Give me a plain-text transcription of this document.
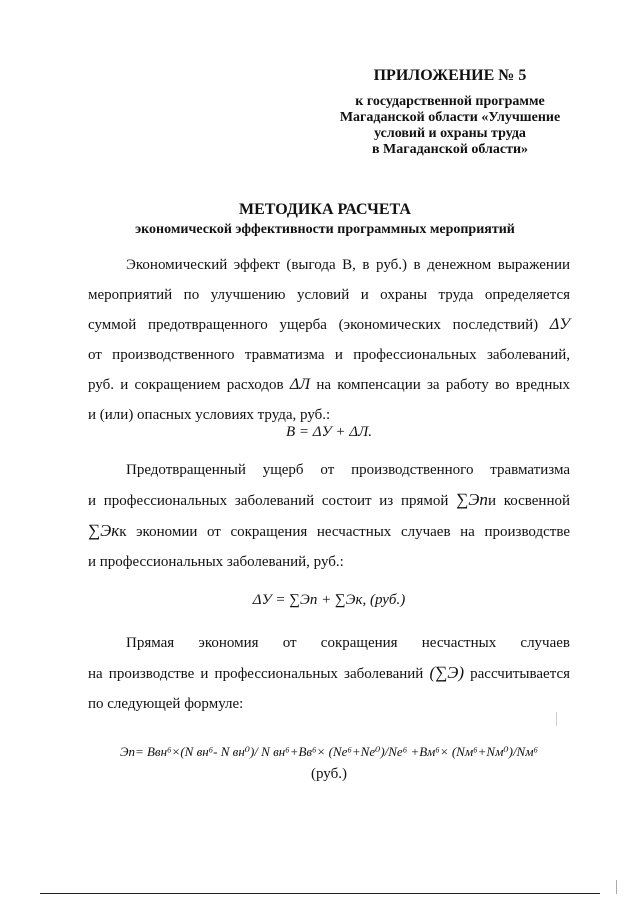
ПРИЛОЖЕНИЕ № 5
к государственной программе
Магаданской области «Улучшение
условий и охраны труда
в Магаданской области»
МЕТОДИКА РАСЧЕТА
экономической эффективности программных мероприятий
Экономический эффект (выгода В, в руб.) в денежном выражении
мероприятий по улучшению условий и охраны труда определяется
суммой предотвращенного ущерба (экономических последствий) ΔУ
от производственного травматизма и профессиональных заболеваний,
руб. и сокращением расходов ΔЛ на компенсации за работу во вредных
и (или) опасных условиях труда, руб.:
В = ΔУ + ΔЛ.
Предотвращенный ущерб от производственного травматизма
и профессиональных заболеваний состоит из прямой ∑Эпи косвенной
∑Экк экономии от сокращения несчастных случаев на производстве
и профессиональных заболеваний, руб.:
ΔУ = ∑Эп + ∑Эк, (руб.)
Прямая экономия от сокращения несчастных случаев
на производстве и профессиональных заболеваний (∑Э) рассчитывается
по следующей формуле:
Эп= Ввн⁶×(N вн⁶- N вн⁰)/ N вн⁶+Вв⁶× (Nе⁶+Nе⁰)/Nе⁶ +Вм⁶× (Nм⁶+Nм⁰)/Nм⁶
(руб.)
